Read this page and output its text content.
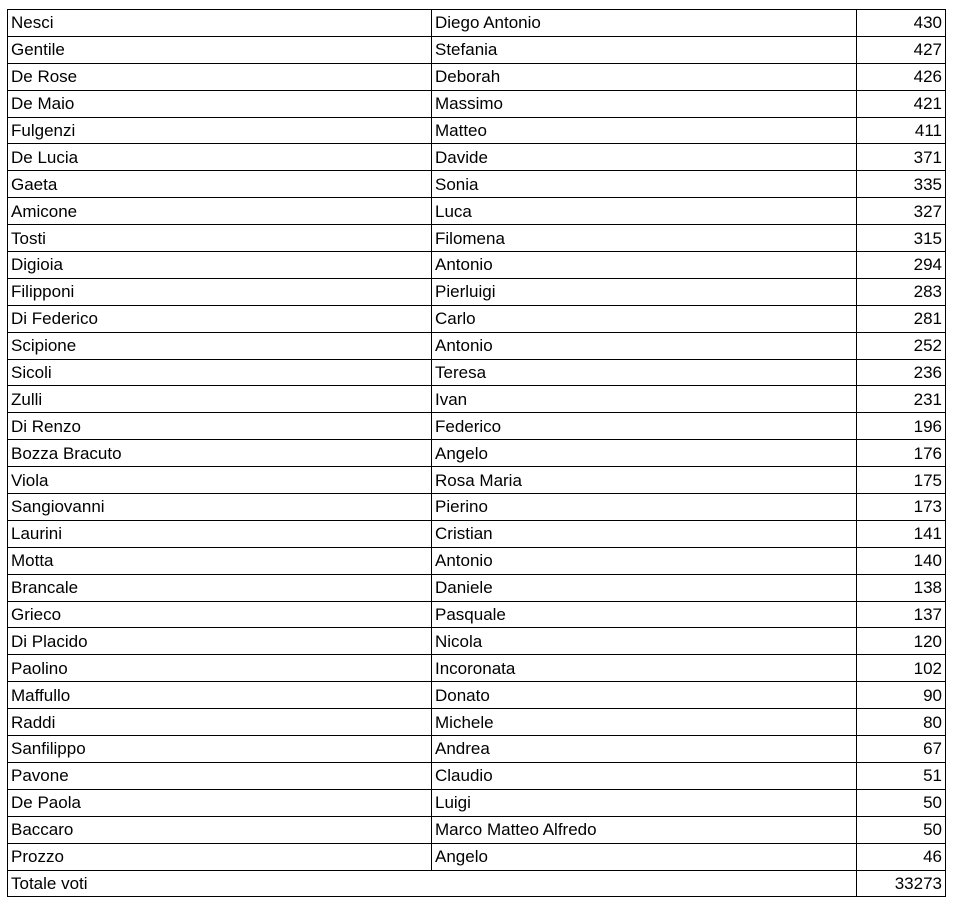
Nesci	Diego Antonio	430
Gentile	Stefania	427
De Rose	Deborah	426
De Maio	Massimo	421
Fulgenzi	Matteo	411
De Lucia	Davide	371
Gaeta	Sonia	335
Amicone	Luca	327
Tosti	Filomena	315
Digioia	Antonio	294
Filipponi	Pierluigi	283
Di Federico	Carlo	281
Scipione	Antonio	252
Sicoli	Teresa	236
Zulli	Ivan	231
Di Renzo	Federico	196
Bozza Bracuto	Angelo	176
Viola	Rosa Maria	175
Sangiovanni	Pierino	173
Laurini	Cristian	141
Motta	Antonio	140
Brancale	Daniele	138
Grieco	Pasquale	137
Di Placido	Nicola	120
Paolino	Incoronata	102
Maffullo	Donato	90
Raddi	Michele	80
Sanfilippo	Andrea	67
Pavone	Claudio	51
De Paola	Luigi	50
Baccaro	Marco Matteo Alfredo	50
Prozzo	Angelo	46
Totale voti		33273
